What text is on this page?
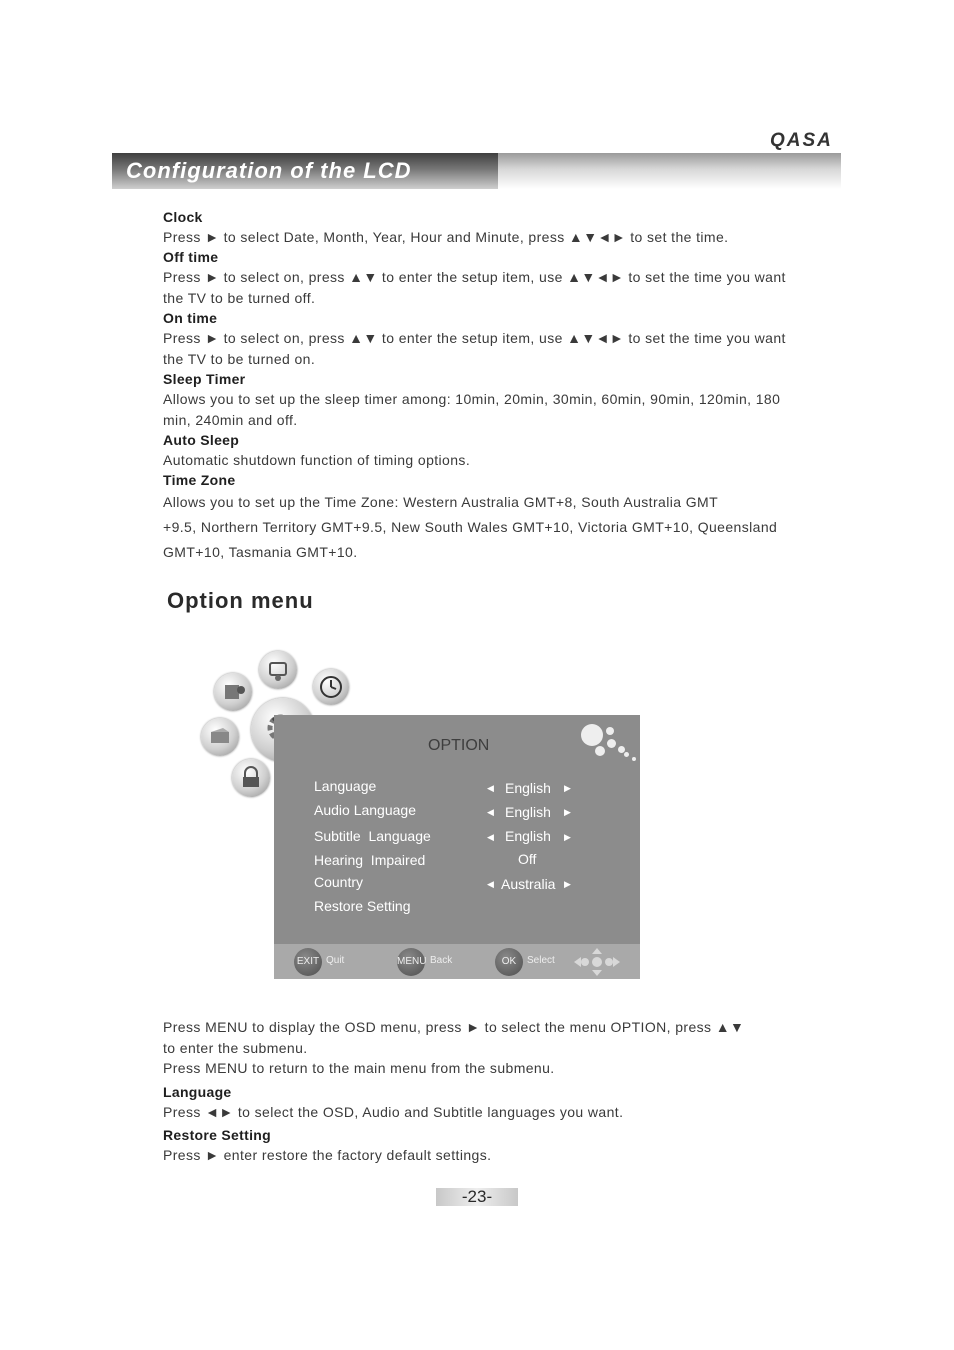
QASA
Configuration of the LCD
Clock
Press ► to select Date, Month, Year, Hour and Minute, press ▲▼◄► to set the time.
Off time
Press ► to select on, press ▲▼ to enter the setup item, use ▲▼◄► to set the time you want
the TV to be turned off.
On time
Press ► to select on, press ▲▼ to enter the setup item, use ▲▼◄► to set the time you want
the TV to be turned on.
Sleep Timer
Allows you to set up the sleep timer among: 10min, 20min, 30min, 60min, 90min, 120min, 180
min, 240min and off.
Auto Sleep
Automatic shutdown function of timing options.
Time Zone
Allows you to set up the Time Zone: Western Australia GMT+8, South Australia GMT
+9.5, Northern Territory GMT+9.5, New South Wales GMT+10, Victoria GMT+10, Queensland
GMT+10, Tasmania GMT+10.
Option menu
OPTION
Language	◀ English ▶
Audio Language	◀ English ▶
Subtitle  Language	◀ English ▶
Hearing  Impaired	Off
Country	◀ Australia ▶
Restore Setting
EXIT Quit	MENU Back	OK	Select
Press MENU to display the OSD menu, press ► to select the menu OPTION, press ▲▼
to enter the submenu.
Press MENU to return to the main menu from the submenu.
Language
Press ◄► to select the OSD, Audio and Subtitle languages you want.
Restore Setting
Press ► enter restore the factory default settings.
-23-
